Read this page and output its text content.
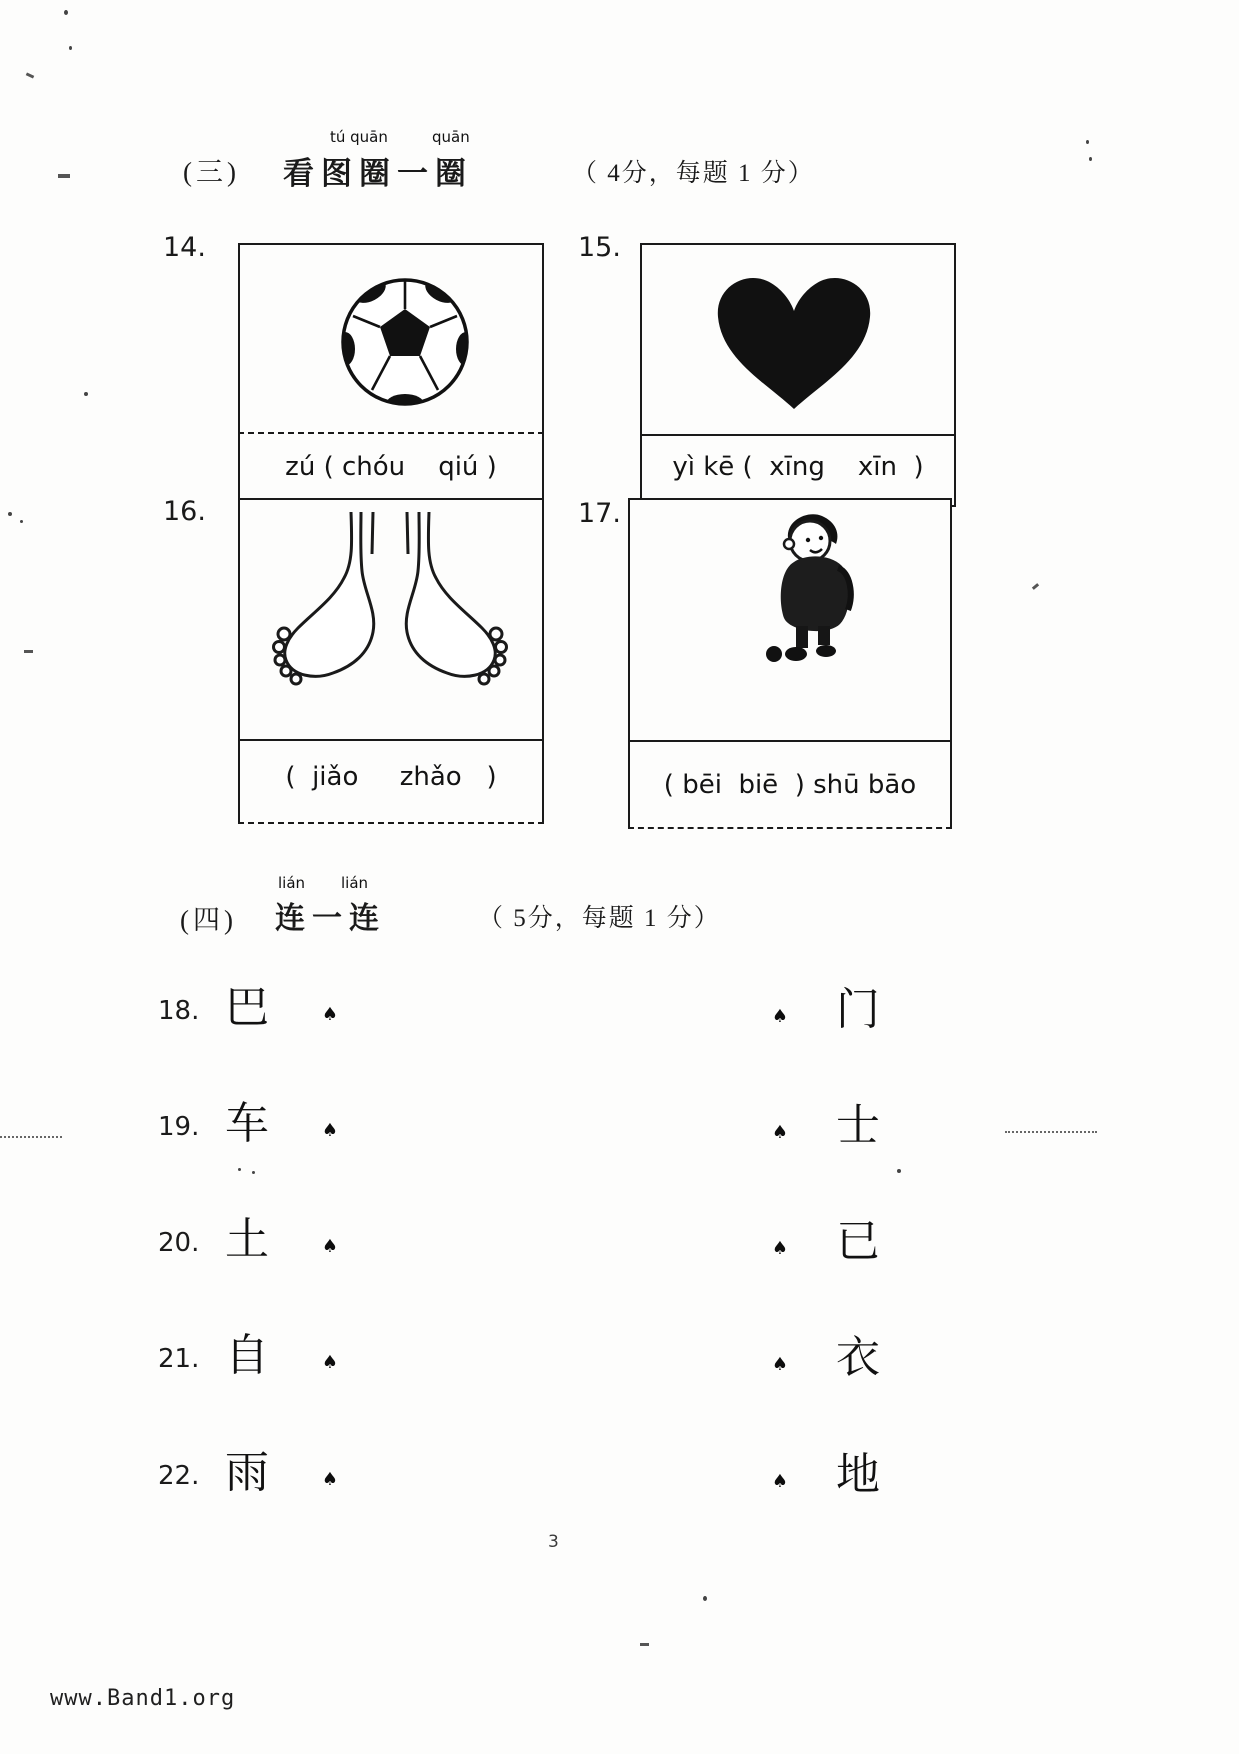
(三)
tú quān	quān
看图圈一圈	（ 4分，每题 1 分）
14.
zú ( chóu    qiú )
15.
yì kē (  xīng    xīn  )
16.
(  jiǎo     zhǎo   )
17.
( bēi  biē  ) shū bāo
(四)
lián lián
连一连	（ 5分，每题 1 分）
18. 巴	♠	♠ 门
19. 车	♠	♠ 士
20. 土	♠	♠ 已
21. 自	♠	♠ 衣
22. 雨	♠	♠ 地
3
www.Band1.org
